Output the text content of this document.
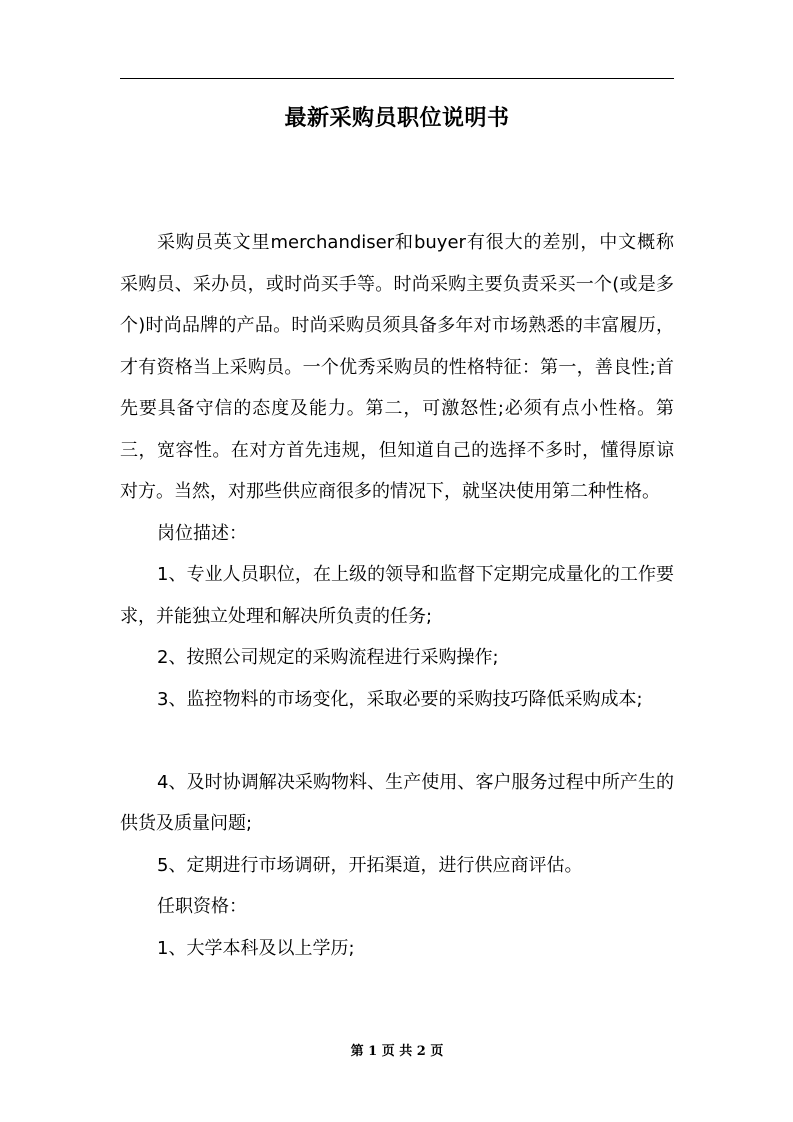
最新采购员职位说明书

采购员英文里merchandiser和buyer有很大的差别，中文概称采购员、采办员，或时尚买手等。时尚采购主要负责采买一个(或是多个)时尚品牌的产品。时尚采购员须具备多年对市场熟悉的丰富履历，才有资格当上采购员。一个优秀采购员的性格特征：第一，善良性;首先要具备守信的态度及能力。第二，可激怒性;必须有点小性格。第三，宽容性。在对方首先违规，但知道自己的选择不多时，懂得原谅对方。当然，对那些供应商很多的情况下，就坚决使用第二种性格。

岗位描述：

1、专业人员职位，在上级的领导和监督下定期完成量化的工作要求，并能独立处理和解决所负责的任务;

2、按照公司规定的采购流程进行采购操作;

3、监控物料的市场变化，采取必要的采购技巧降低采购成本;

4、及时协调解决采购物料、生产使用、客户服务过程中所产生的供货及质量问题;

5、定期进行市场调研，开拓渠道，进行供应商评估。

任职资格：

1、大学本科及以上学历;

第 1 页 共 2 页
